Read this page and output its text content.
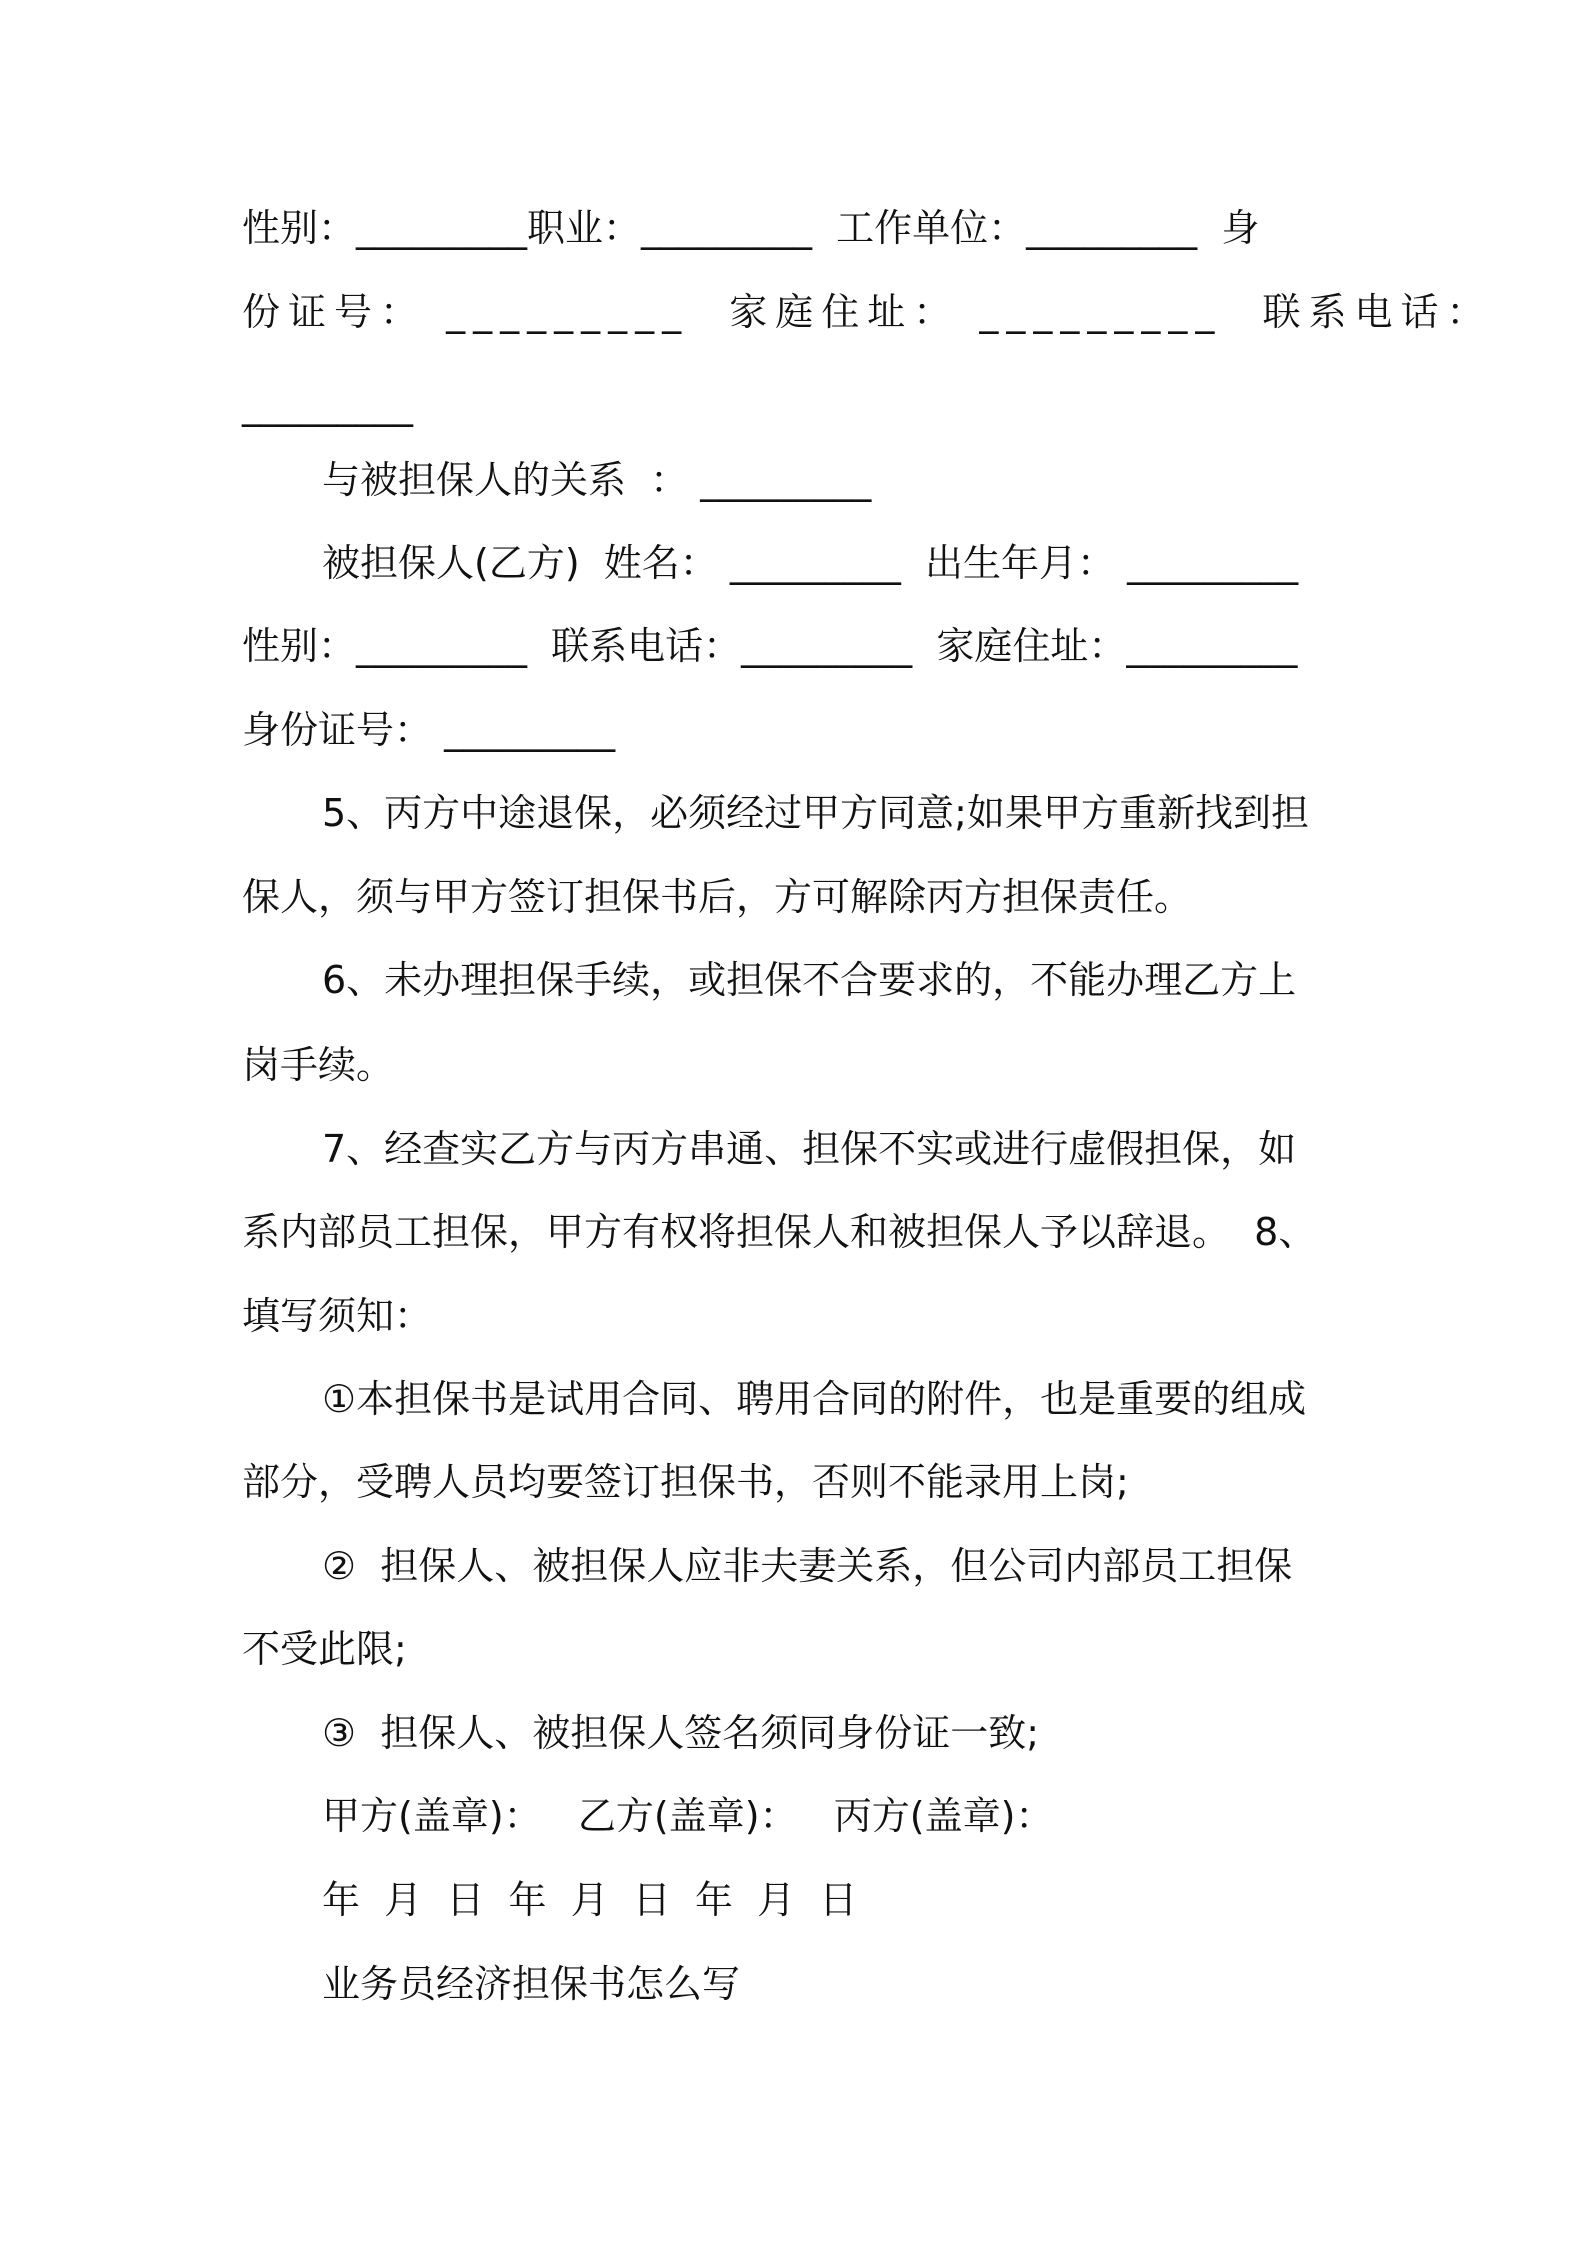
性别：_________职业：_________  工作单位：_________  身
份证号： _________  家庭住址： _________  联系电话：
_________
与被担保人的关系  ： _________
被担保人(乙方)  姓名： _________  出生年月： _________
性别：_________  联系电话：_________  家庭住址：_________
身份证号： _________
5、丙方中途退保，必须经过甲方同意;如果甲方重新找到担
保人，须与甲方签订担保书后，方可解除丙方担保责任。
6、未办理担保手续，或担保不合要求的，不能办理乙方上
岗手续。
7、经查实乙方与丙方串通、担保不实或进行虚假担保，如
系内部员工担保，甲方有权将担保人和被担保人予以辞退。  8、
填写须知：
①本担保书是试用合同、聘用合同的附件，也是重要的组成
部分，受聘人员均要签订担保书，否则不能录用上岗;
②  担保人、被担保人应非夫妻关系，但公司内部员工担保
不受此限;
③  担保人、被担保人签名须同身份证一致;
甲方(盖章)：   乙方(盖章)：   丙方(盖章)：
年  月  日  年  月  日  年  月  日
业务员经济担保书怎么写
